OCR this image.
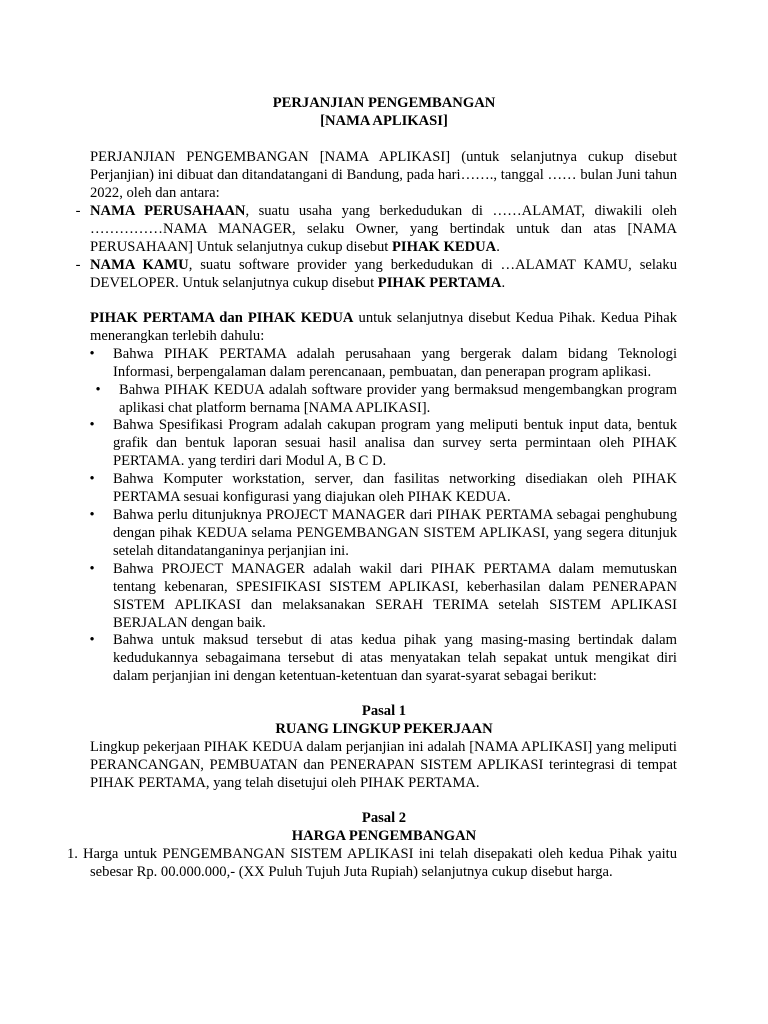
PERJANJIAN PENGEMBANGAN
[NAMA APLIKASI]
PERJANJIAN PENGEMBANGAN [NAMA APLIKASI] (untuk selanjutnya cukup disebut Perjanjian) ini dibuat dan ditandatangani di Bandung, pada hari……., tanggal …… bulan Juni tahun 2022, oleh dan antara:
- NAMA PERUSAHAAN, suatu usaha yang berkedudukan di ……ALAMAT, diwakili oleh ……………NAMA MANAGER, selaku Owner, yang bertindak untuk dan atas [NAMA PERUSAHAAN] Untuk selanjutnya cukup disebut PIHAK KEDUA.
- NAMA KAMU, suatu software provider yang berkedudukan di …ALAMAT KAMU, selaku DEVELOPER. Untuk selanjutnya cukup disebut PIHAK PERTAMA.
PIHAK PERTAMA dan PIHAK KEDUA untuk selanjutnya disebut Kedua Pihak. Kedua Pihak menerangkan terlebih dahulu:
• Bahwa PIHAK PERTAMA adalah perusahaan yang bergerak dalam bidang Teknologi Informasi, berpengalaman dalam perencanaan, pembuatan, dan penerapan program aplikasi.
• Bahwa PIHAK KEDUA adalah software provider yang bermaksud mengembangkan program aplikasi chat platform bernama [NAMA APLIKASI].
• Bahwa Spesifikasi Program adalah cakupan program yang meliputi bentuk input data, bentuk grafik dan bentuk laporan sesuai hasil analisa dan survey serta permintaan oleh PIHAK PERTAMA. yang terdiri dari Modul A, B C D.
• Bahwa Komputer workstation, server, dan fasilitas networking disediakan oleh PIHAK PERTAMA sesuai konfigurasi yang diajukan oleh PIHAK KEDUA.
• Bahwa perlu ditunjuknya PROJECT MANAGER dari PIHAK PERTAMA sebagai penghubung dengan pihak KEDUA selama PENGEMBANGAN SISTEM APLIKASI, yang segera ditunjuk setelah ditandatanganinya perjanjian ini.
• Bahwa PROJECT MANAGER adalah wakil dari PIHAK PERTAMA dalam memutuskan tentang kebenaran, SPESIFIKASI SISTEM APLIKASI, keberhasilan dalam PENERAPAN SISTEM APLIKASI dan melaksanakan SERAH TERIMA setelah SISTEM APLIKASI BERJALAN dengan baik.
• Bahwa untuk maksud tersebut di atas kedua pihak yang masing-masing bertindak dalam kedudukannya sebagaimana tersebut di atas menyatakan telah sepakat untuk mengikat diri dalam perjanjian ini dengan ketentuan-ketentuan dan syarat-syarat sebagai berikut:
Pasal 1
RUANG LINGKUP PEKERJAAN
Lingkup pekerjaan PIHAK KEDUA dalam perjanjian ini adalah [NAMA APLIKASI] yang meliputi PERANCANGAN, PEMBUATAN dan PENERAPAN SISTEM APLIKASI terintegrasi di tempat PIHAK PERTAMA, yang telah disetujui oleh PIHAK PERTAMA.
Pasal 2
HARGA PENGEMBANGAN
1. Harga untuk PENGEMBANGAN SISTEM APLIKASI ini telah disepakati oleh kedua Pihak yaitu sebesar Rp. 00.000.000,- (XX Puluh Tujuh Juta Rupiah) selanjutnya cukup disebut harga.
